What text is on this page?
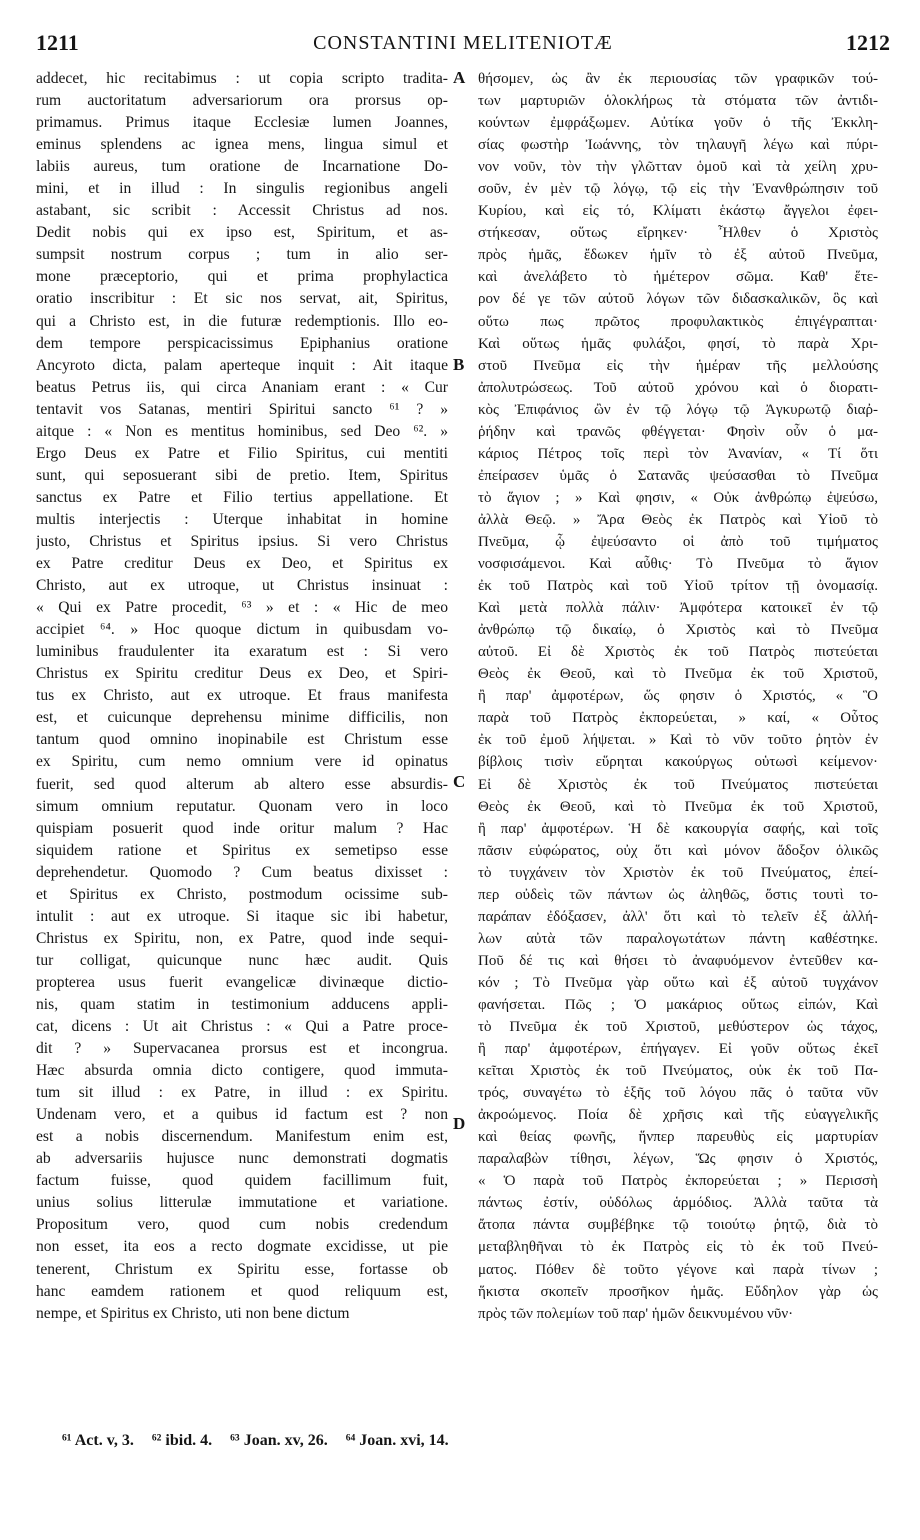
1211	CONSTANTINI MELITENIOTÆ	1212
addecet, hic recitabimus : ut copia scripto tradita-
rum auctoritatum adversariorum ora prorsus op-
primamus. Primus itaque Ecclesiæ lumen Joannes,
eminus splendens ac ignea mens, lingua simul et
labiis aureus, tum oratione de Incarnatione Do-
mini, et in illud : In singulis regionibus angeli
astabant, sic scribit : Accessit Christus ad nos.
Dedit nobis qui ex ipso est, Spiritum, et as-
sumpsit nostrum corpus ; tum in alio ser-
mone præceptorio, qui et prima prophylactica
oratio inscribitur : Et sic nos servat, ait, Spiritus,
qui a Christo est, in die futuræ redemptionis. Illo eo-
dem tempore perspicacissimus Epiphanius oratione
Ancyroto dicta, palam aperteque inquit : Ait itaque
beatus Petrus iis, qui circa Ananiam erant : « Cur
tentavit vos Satanas, mentiri Spiritui sancto ⁶¹ ? »
aitque : « Non es mentitus hominibus, sed Deo ⁶². »
Ergo Deus ex Patre et Filio Spiritus, cui mentiti
sunt, qui seposuerant sibi de pretio. Item, Spiritus
sanctus ex Patre et Filio tertius appellatione. Et
multis interjectis : Uterque inhabitat in homine
justo, Christus et Spiritus ipsius. Si vero Christus
ex Patre creditur Deus ex Deo, et Spiritus ex
Christo, aut ex utroque, ut Christus insinuat :
« Qui ex Patre procedit, ⁶³ » et : « Hic de meo
accipiet ⁶⁴. » Hoc quoque dictum in quibusdam vo-
luminibus fraudulenter ita exaratum est : Si vero
Christus ex Spiritu creditur Deus ex Deo, et Spiri-
tus ex Christo, aut ex utroque. Et fraus manifesta
est, et cuicunque deprehensu minime difficilis, non
tantum quod omnino inopinabile est Christum esse
ex Spiritu, cum nemo omnium vere id opinatus
fuerit, sed quod alterum ab altero esse absurdis-
simum omnium reputatur. Quonam vero in loco
quispiam posuerit quod inde oritur malum ? Hac
siquidem ratione et Spiritus ex semetipso esse
deprehendetur. Quomodo ? Cum beatus dixisset :
et Spiritus ex Christo, postmodum ocissime sub-
intulit : aut ex utroque. Si itaque sic ibi habetur,
Christus ex Spiritu, non, ex Patre, quod inde sequi-
tur colligat, quicunque nunc hæc audit. Quis
propterea usus fuerit evangelicæ divinæque dictio-
nis, quam statim in testimonium adducens appli-
cat, dicens : Ut ait Christus : « Qui a Patre proce-
dit ? » Supervacanea prorsus est et incongrua.
Hæc absurda omnia dicto contigere, quod immuta-
tum sit illud : ex Patre, in illud : ex Spiritu.
Undenam vero, et a quibus id factum est ? non
est a nobis discernendum. Manifestum enim est,
ab adversariis hujusce nunc demonstrati dogmatis
factum fuisse, quod quidem facillimum fuit,
unius solius litterulæ immutatione et variatione.
Propositum vero, quod cum nobis credendum
non esset, ita eos a recto dogmate excidisse, ut pie
tenerent, Christum ex Spiritu esse, fortasse ob
hanc eamdem rationem et quod reliquum est,
nempe, et Spiritus ex Christo, uti non bene dictum
θήσομεν, ὡς ἂν ἐκ περιουσίας τῶν γραφικῶν τού-
των μαρτυριῶν ὁλοκλήρως τὰ στόματα τῶν ἀντιδι-
κούντων ἐμφράξωμεν. Αὐτίκα γοῦν ὁ τῆς Ἐκκλη-
σίας φωστὴρ Ἰωάννης, τὸν τηλαυγῆ λέγω καὶ πύρι-
νον νοῦν, τὸν τὴν γλῶτταν ὁμοῦ καὶ τὰ χείλη χρυ-
σοῦν, ἐν μὲν τῷ λόγῳ, τῷ εἰς τὴν Ἐνανθρώπησιν τοῦ
Κυρίου, καὶ εἰς τό, Κλίματι ἑκάστῳ ἄγγελοι ἐφει-
στήκεσαν, οὕτως εἴρηκεν· Ἦλθεν ὁ Χριστὸς
πρὸς ἡμᾶς, ἔδωκεν ἡμῖν τὸ ἐξ αὐτοῦ Πνεῦμα,
καὶ ἀνελάβετο τὸ ἡμέτερον σῶμα. Καθ' ἕτε-
ρον δέ γε τῶν αὐτοῦ λόγων τῶν διδασκαλικῶν, ὃς καὶ
οὕτω πως πρῶτος προφυλακτικὸς ἐπιγέγραπται·
Καὶ οὕτως ἡμᾶς φυλάξοι, φησί, τὸ παρὰ Χρι-
στοῦ Πνεῦμα εἰς τὴν ἡμέραν τῆς μελλούσης
ἀπολυτρώσεως. Τοῦ αὐτοῦ χρόνου καὶ ὁ διορατι-
κὸς Ἐπιφάνιος ὢν ἐν τῷ λόγῳ τῷ Ἀγκυρωτῷ διαῤ-
ῥήδην καὶ τρανῶς φθέγγεται· Φησὶν οὖν ὁ μα-
κάριος Πέτρος τοῖς περὶ τὸν Ἀνανίαν, « Τί ὅτι
ἐπείρασεν ὑμᾶς ὁ Σατανᾶς ψεύσασθαι τὸ Πνεῦμα
τὸ ἅγιον ; » Καὶ φησιν, « Οὐκ ἀνθρώπῳ ἐψεύσω,
ἀλλὰ Θεῷ. » Ἄρα Θεὸς ἐκ Πατρὸς καὶ Υἱοῦ τὸ
Πνεῦμα, ᾧ ἐψεύσαντο οἱ ἀπὸ τοῦ τιμήματος
νοσφισάμενοι. Καὶ αὖθις· Τὸ Πνεῦμα τὸ ἅγιον
ἐκ τοῦ Πατρὸς καὶ τοῦ Υἱοῦ τρίτον τῇ ὀνομασίᾳ.
Καὶ μετὰ πολλὰ πάλιν· Ἀμφότερα κατοικεῖ ἐν τῷ
ἀνθρώπῳ τῷ δικαίῳ, ὁ Χριστὸς καὶ τὸ Πνεῦμα
αὐτοῦ. Εἰ δὲ Χριστὸς ἐκ τοῦ Πατρὸς πιστεύεται
Θεὸς ἐκ Θεοῦ, καὶ τὸ Πνεῦμα ἐκ τοῦ Χριστοῦ,
ἢ παρ' ἀμφοτέρων, ὥς φησιν ὁ Χριστός, « Ὃ
παρὰ τοῦ Πατρὸς ἐκπορεύεται, » καί, « Οὗτος
ἐκ τοῦ ἐμοῦ λήψεται. » Καὶ τὸ νῦν τοῦτο ῥητὸν ἐν
βίβλοις τισὶν εὕρηται κακούργως οὑτωσὶ κείμενον·
Εἰ δὲ Χριστὸς ἐκ τοῦ Πνεύματος πιστεύεται
Θεὸς ἐκ Θεοῦ, καὶ τὸ Πνεῦμα ἐκ τοῦ Χριστοῦ,
ἢ παρ' ἀμφοτέρων. Ἡ δὲ κακουργία σαφής, καὶ τοῖς
πᾶσιν εὐφώρατος, οὐχ ὅτι καὶ μόνον ἄδοξον ὁλικῶς
τὸ τυγχάνειν τὸν Χριστὸν ἐκ τοῦ Πνεύματος, ἐπεί-
περ οὐδεὶς τῶν πάντων ὡς ἀληθῶς, ὅστις τουτὶ το-
παράπαν ἐδόξασεν, ἀλλ' ὅτι καὶ τὸ τελεῖν ἐξ ἀλλή-
λων αὐτὰ τῶν παραλογωτάτων πάντη καθέστηκε.
Ποῦ δέ τις καὶ θήσει τὸ ἀναφυόμενον ἐντεῦθεν κα-
κόν ; Τὸ Πνεῦμα γὰρ οὕτω καὶ ἐξ αὑτοῦ τυγχάνον
φανήσεται. Πῶς ; Ὁ μακάριος οὕτως εἰπών, Καὶ
τὸ Πνεῦμα ἐκ τοῦ Χριστοῦ, μεθύστερον ὡς τάχος,
ἢ παρ' ἀμφοτέρων, ἐπήγαγεν. Εἰ γοῦν οὕτως ἐκεῖ
κεῖται Χριστὸς ἐκ τοῦ Πνεύματος, οὐκ ἐκ τοῦ Πα-
τρός, συναγέτω τὸ ἑξῆς τοῦ λόγου πᾶς ὁ ταῦτα νῦν
ἀκροώμενος. Ποία δὲ χρῆσις καὶ τῆς εὐαγγελικῆς
καὶ θείας φωνῆς, ἥνπερ παρευθὺς εἰς μαρτυρίαν
παραλαβὼν τίθησι, λέγων, Ὥς φησιν ὁ Χριστός,
« Ὁ παρὰ τοῦ Πατρὸς ἐκπορεύεται ; » Περισσὴ
πάντως ἐστίν, οὐδόλως ἁρμόδιος. Ἀλλὰ ταῦτα τὰ
ἄτοπα πάντα συμβέβηκε τῷ τοιούτῳ ῥητῷ, διὰ τὸ
μεταβληθῆναι τὸ ἐκ Πατρὸς εἰς τὸ ἐκ τοῦ Πνεύ-
ματος. Πόθεν δὲ τοῦτο γέγονε καὶ παρὰ τίνων ;
ἥκιστα σκοπεῖν προσῆκον ἡμᾶς. Εὔδηλον γὰρ ὡς
πρὸς τῶν πολεμίων τοῦ παρ' ἡμῶν δεικνυμένου νῦν·
A
B
C
D
⁶¹ Act. v, 3. ⁶² ibid. 4. ⁶³ Joan. xv, 26. ⁶⁴ Joan. xvi, 14.
